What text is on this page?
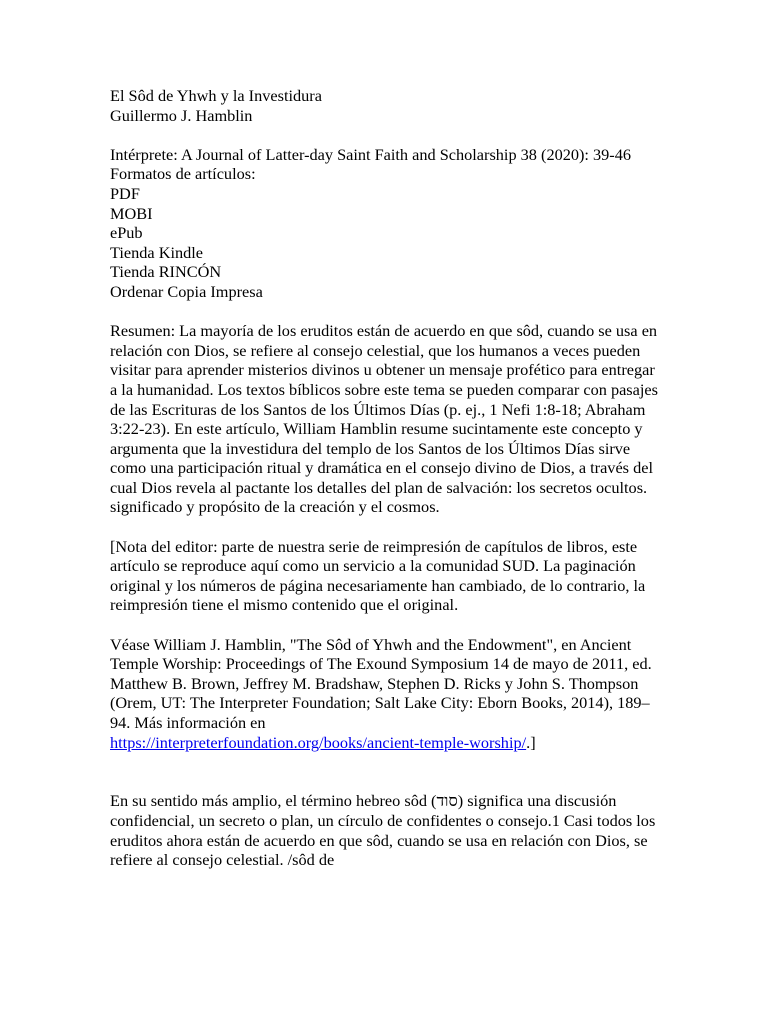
El Sôd de Yhwh y la Investidura
Guillermo J. Hamblin
Intérprete: A Journal of Latter-day Saint Faith and Scholarship 38 (2020): 39-46
Formatos de artículos:
PDF
MOBI
ePub
Tienda Kindle
Tienda RINCÓN
Ordenar Copia Impresa
Resumen: La mayoría de los eruditos están de acuerdo en que sôd, cuando se usa en relación con Dios, se refiere al consejo celestial, que los humanos a veces pueden visitar para aprender misterios divinos u obtener un mensaje profético para entregar a la humanidad. Los textos bíblicos sobre este tema se pueden comparar con pasajes de las Escrituras de los Santos de los Últimos Días (p. ej., 1 Nefi 1:8-18; Abraham 3:22-23). En este artículo, William Hamblin resume sucintamente este concepto y argumenta que la investidura del templo de los Santos de los Últimos Días sirve como una participación ritual y dramática en el consejo divino de Dios, a través del cual Dios revela al pactante los detalles del plan de salvación: los secretos ocultos. significado y propósito de la creación y el cosmos.
[Nota del editor: parte de nuestra serie de reimpresión de capítulos de libros, este artículo se reproduce aquí como un servicio a la comunidad SUD. La paginación original y los números de página necesariamente han cambiado, de lo contrario, la reimpresión tiene el mismo contenido que el original.
Véase William J. Hamblin, "The Sôd of Yhwh and the Endowment", en Ancient Temple Worship: Proceedings of The Exound Symposium 14 de mayo de 2011, ed. Matthew B. Brown, Jeffrey M. Bradshaw, Stephen D. Ricks y John S. Thompson (Orem, UT: The Interpreter Foundation; Salt Lake City: Eborn Books, 2014), 189–94. Más información en
https://interpreterfoundation.org/books/ancient-temple-worship/.]
En su sentido más amplio, el término hebreo sôd (סוד) significa una discusión confidencial, un secreto o plan, un círculo de confidentes o consejo.1 Casi todos los eruditos ahora están de acuerdo en que sôd, cuando se usa en relación con Dios, se refiere al consejo celestial. /sôd de
